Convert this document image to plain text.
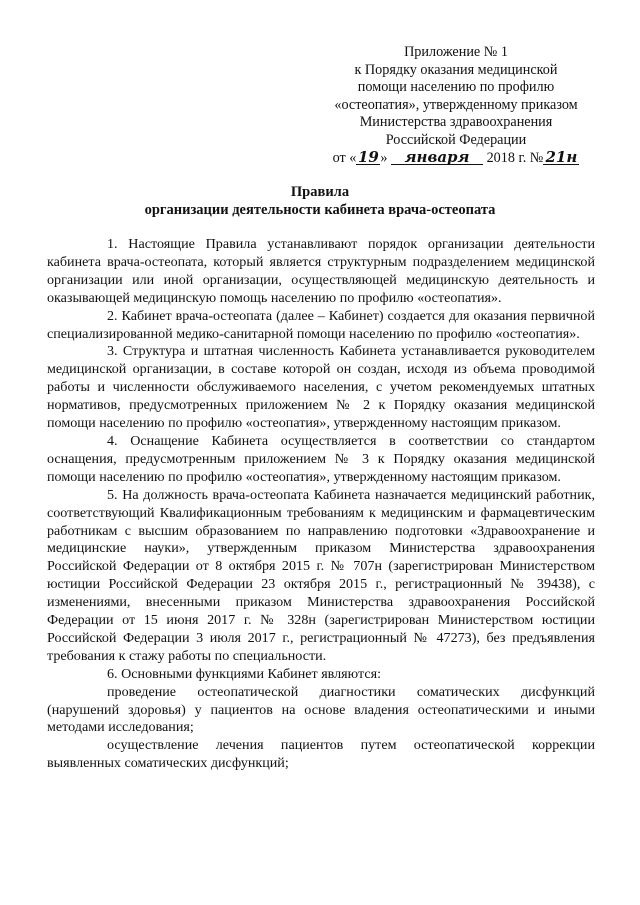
Приложение № 1
к Порядку оказания медицинской
помощи населению по профилю
«остеопатия», утвержденному приказом
Министерства здравоохранения
Российской Федерации
от « 19 » января 2018 г. № 21н
Правила
организации деятельности кабинета врача-остеопата

1. Настоящие Правила устанавливают порядок организации деятельности кабинета врача-остеопата, который является структурным подразделением медицинской организации или иной организации, осуществляющей медицинскую деятельность и оказывающей медицинскую помощь населению по профилю «остеопатия».

2. Кабинет врача-остеопата (далее – Кабинет) создается для оказания первичной специализированной медико-санитарной помощи населению по профилю «остеопатия».

3. Структура и штатная численность Кабинета устанавливается руководителем медицинской организации, в составе которой он создан, исходя из объема проводимой работы и численности обслуживаемого населения, с учетом рекомендуемых штатных нормативов, предусмотренных приложением № 2 к Порядку оказания медицинской помощи населению по профилю «остеопатия», утвержденному настоящим приказом.

4. Оснащение Кабинета осуществляется в соответствии со стандартом оснащения, предусмотренным приложением № 3 к Порядку оказания медицинской помощи населению по профилю «остеопатия», утвержденному настоящим приказом.

5. На должность врача-остеопата Кабинета назначается медицинский работник, соответствующий Квалификационным требованиям к медицинским и фармацевтическим работникам с высшим образованием по направлению подготовки «Здравоохранение и медицинские науки», утвержденным приказом Министерства здравоохранения Российской Федерации от 8 октября 2015 г. № 707н (зарегистрирован Министерством юстиции Российской Федерации 23 октября 2015 г., регистрационный № 39438), с изменениями, внесенными приказом Министерства здравоохранения Российской Федерации от 15 июня 2017 г. № 328н (зарегистрирован Министерством юстиции Российской Федерации 3 июля 2017 г., регистрационный № 47273), без предъявления требования к стажу работы по специальности.

6. Основными функциями Кабинет являются:

проведение остеопатической диагностики соматических дисфункций (нарушений здоровья) у пациентов на основе владения остеопатическими и иными методами исследования;

осуществление лечения пациентов путем остеопатической коррекции выявленных соматических дисфункций;
